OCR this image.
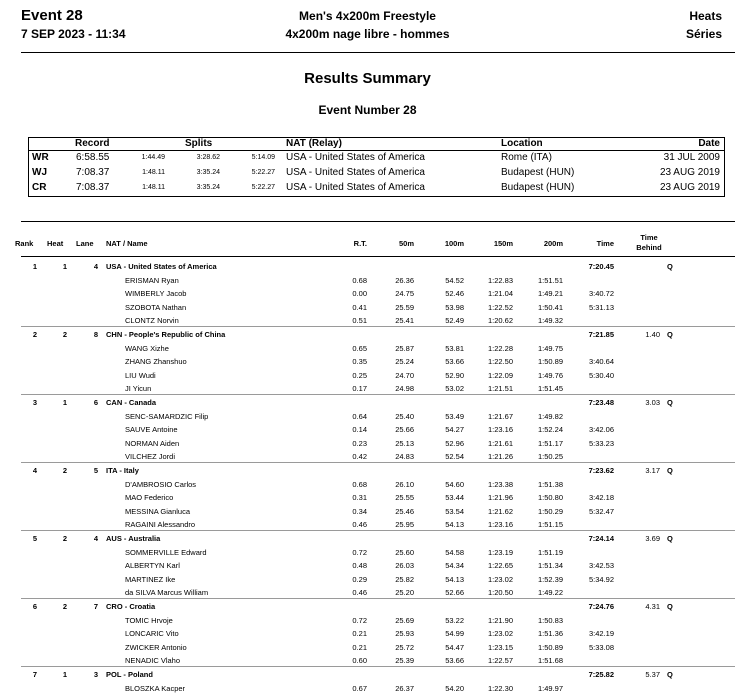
Event 28
7 SEP 2023 - 11:34
Men's 4x200m Freestyle
4x200m nage libre - hommes
Heats
Séries
Results Summary
Event Number 28
Record	Splits	NAT (Relay)	Location	Date
WR	6:58.55	1:44.49	3:28.62	5:14.09 USA - United States of America	Rome (ITA)	31 JUL 2009
WJ	7:08.37	1:48.11	3:35.24	5:22.27 USA - United States of America	Budapest (HUN)	23 AUG 2019
CR	7:08.37	1:48.11	3:35.24	5:22.27 USA - United States of America	Budapest (HUN)	23 AUG 2019
Rank Heat Lane NAT / Name	R.T.	50m	100m	150m	200m	Time
Time
Behind
1	1	4 USA - United States of America	7:20.45	Q
ERISMAN Ryan	0.68	26.36	54.52	1:22.83	1:51.51
WIMBERLY Jacob	0.00	24.75	52.46	1:21.04	1:49.21	3:40.72
SZOBOTA Nathan	0.41	25.59	53.98	1:22.52	1:50.41	5:31.13
CLONTZ Norvin	0.51	25.41	52.49	1:20.62	1:49.32
2	2	8 CHN - People's Republic of China	7:21.85	1.40 Q
WANG Xizhe	0.65	25.87	53.81	1:22.28	1:49.75
ZHANG Zhanshuo	0.35	25.24	53.66	1:22.50	1:50.89	3:40.64
LIU Wudi	0.25	24.70	52.90	1:22.09	1:49.76	5:30.40
JI Yicun	0.17	24.98	53.02	1:21.51	1:51.45
3	1	6 CAN - Canada	7:23.48	3.03 Q
SENC-SAMARDZIC Filip	0.64	25.40	53.49	1:21.67	1:49.82
SAUVE Antoine	0.14	25.66	54.27	1:23.16	1:52.24	3:42.06
NORMAN Aiden	0.23	25.13	52.96	1:21.61	1:51.17	5:33.23
VILCHEZ Jordi	0.42	24.83	52.54	1:21.26	1:50.25
4	2	5 ITA - Italy	7:23.62	3.17 Q
D'AMBROSIO Carlos	0.68	26.10	54.60	1:23.38	1:51.38
MAO Federico	0.31	25.55	53.44	1:21.96	1:50.80	3:42.18
MESSINA Gianluca	0.34	25.46	53.54	1:21.62	1:50.29	5:32.47
RAGAINI Alessandro	0.46	25.95	54.13	1:23.16	1:51.15
5	2	4 AUS - Australia	7:24.14	3.69 Q
SOMMERVILLE Edward	0.72	25.60	54.58	1:23.19	1:51.19
ALBERTYN Karl	0.48	26.03	54.34	1:22.65	1:51.34	3:42.53
MARTINEZ Ike	0.29	25.82	54.13	1:23.02	1:52.39	5:34.92
da SILVA Marcus William	0.46	25.20	52.66	1:20.50	1:49.22
6	2	7 CRO - Croatia	7:24.76	4.31 Q
TOMIC Hrvoje	0.72	25.69	53.22	1:21.90	1:50.83
LONCARIC Vito	0.21	25.93	54.99	1:23.02	1:51.36	3:42.19
ZWICKER Antonio	0.21	25.72	54.47	1:23.15	1:50.89	5:33.08
NENADIC Vlaho	0.60	25.39	53.66	1:22.57	1:51.68
7	1	3 POL - Poland	7:25.82	5.37 Q
BLOSZKA Kacper	0.67	26.37	54.20	1:22.30	1:49.97
